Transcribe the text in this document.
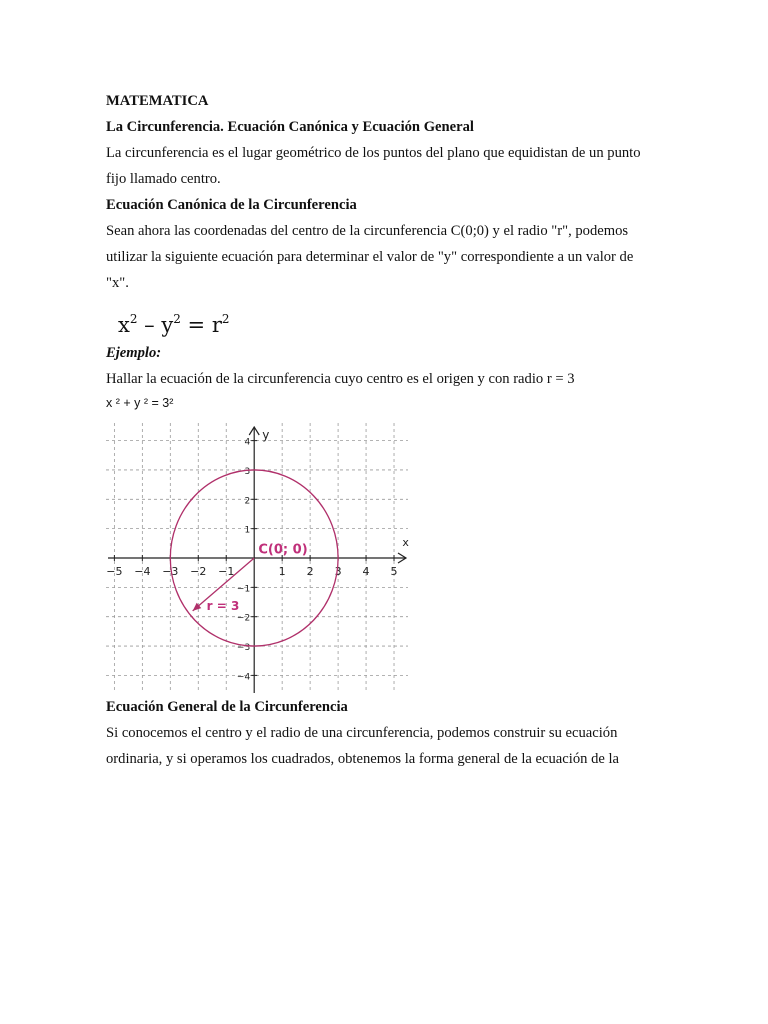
MATEMATICA

La Circunferencia. Ecuación Canónica y Ecuación General

La circunferencia es el lugar geométrico de los puntos del plano que equidistan de un punto

fijo llamado centro.

Ecuación Canónica de la Circunferencia

Sean ahora las coordenadas del centro de la circunferencia C(0;0) y el radio "r", podemos

utilizar la siguiente ecuación para determinar el valor de "y" correspondiente a un valor de

"x".

$x^2 - y^2 = r^2$

Ejemplo:

Hallar la ecuación de la circunferencia cuyo centro es el origen y con radio r = 3

x ² + y ² = 3²

−5 −4 −3 −2 −1	1 2 3 4 5
−4
−3
−2
−1
1
2
3
4
x
y
C(0; 0)
r = 3

Ecuación General de la Circunferencia

Si conocemos el centro y el radio de una circunferencia, podemos construir su ecuación

ordinaria, y si operamos los cuadrados, obtenemos la forma general de la ecuación de la
